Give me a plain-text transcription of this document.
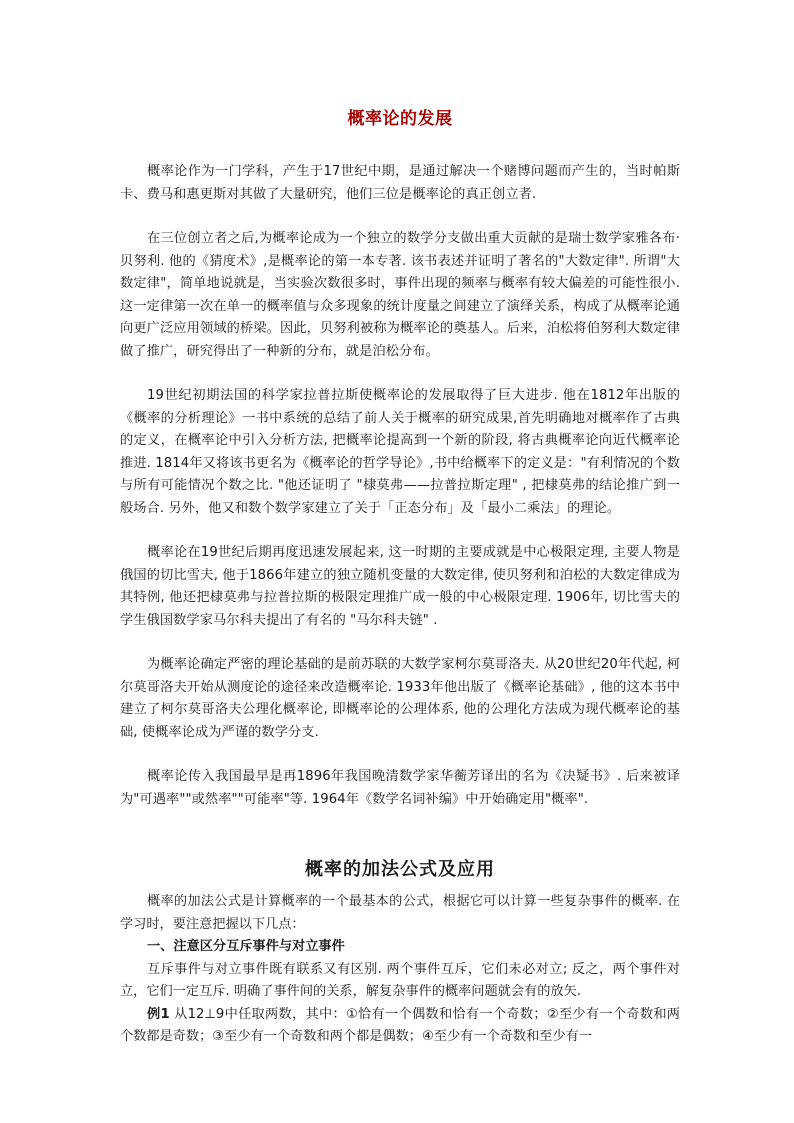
概率论的发展

概率论作为一门学科，产生于17世纪中期，是通过解决一个赌博问题而产生的，当时帕斯卡、费马和惠更斯对其做了大量研究，他们三位是概率论的真正创立者.

在三位创立者之后,为概率论成为一个独立的数学分支做出重大贡献的是瑞士数学家雅各布·贝努利. 他的《猜度术》,是概率论的第一本专著. 该书表述并证明了著名的"大数定律". 所谓"大数定律"，简单地说就是，当实验次数很多时，事件出现的频率与概率有较大偏差的可能性很小. 这一定律第一次在单一的概率值与众多现象的统计度量之间建立了演绎关系，构成了从概率论通向更广泛应用领域的桥梁。因此，贝努利被称为概率论的奠基人。后来，泊松将伯努利大数定律做了推广，研究得出了一种新的分布，就是泊松分布。

19世纪初期法国的科学家拉普拉斯使概率论的发展取得了巨大进步. 他在1812年出版的《概率的分析理论》一书中系统的总结了前人关于概率的研究成果,首先明确地对概率作了古典的定义，在概率论中引入分析方法, 把概率论提高到一个新的阶段, 将古典概率论向近代概率论推进. 1814年又将该书更名为《概率论的哲学导论》,书中给概率下的定义是："有利情况的个数与所有可能情况个数之比. "他还证明了 "棣莫弗——拉普拉斯定理" , 把棣莫弗的结论推广到一般场合. 另外，他又和数个数学家建立了关于「正态分布」及「最小二乘法」的理论。

概率论在19世纪后期再度迅速发展起来, 这一时期的主要成就是中心极限定理, 主要人物是俄国的切比雪夫, 他于1866年建立的独立随机变量的大数定律, 使贝努利和泊松的大数定律成为其特例, 他还把棣莫弗与拉普拉斯的极限定理推广成一般的中心极限定理. 1906年, 切比雪夫的学生俄国数学家马尔科夫提出了有名的 "马尔科夫链" .

为概率论确定严密的理论基础的是前苏联的大数学家柯尔莫哥洛夫. 从20世纪20年代起, 柯尔莫哥洛夫开始从测度论的途径来改造概率论. 1933年他出版了《概率论基础》, 他的这本书中建立了柯尔莫哥洛夫公理化概率论, 即概率论的公理体系, 他的公理化方法成为现代概率论的基础, 使概率论成为严谨的数学分支.

概率论传入我国最早是再1896年我国晚清数学家华蘅芳译出的名为《决疑书》. 后来被译为"可遇率""或然率""可能率"等. 1964年《数学名词补编》中开始确定用"概率".

概率的加法公式及应用

概率的加法公式是计算概率的一个最基本的公式，根据它可以计算一些复杂事件的概率. 在学习时，要注意把握以下几点：

一、注意区分互斥事件与对立事件

互斥事件与对立事件既有联系又有区别. 两个事件互斥，它们未必对立; 反之，两个事件对立，它们一定互斥. 明确了事件间的关系，解复杂事件的概率问题就会有的放矢.

例1 从12⊥9中任取两数，其中：①恰有一个偶数和恰有一个奇数；②至少有一个奇数和两个数都是奇数；③至少有一个奇数和两个都是偶数；④至少有一个奇数和至少有一
